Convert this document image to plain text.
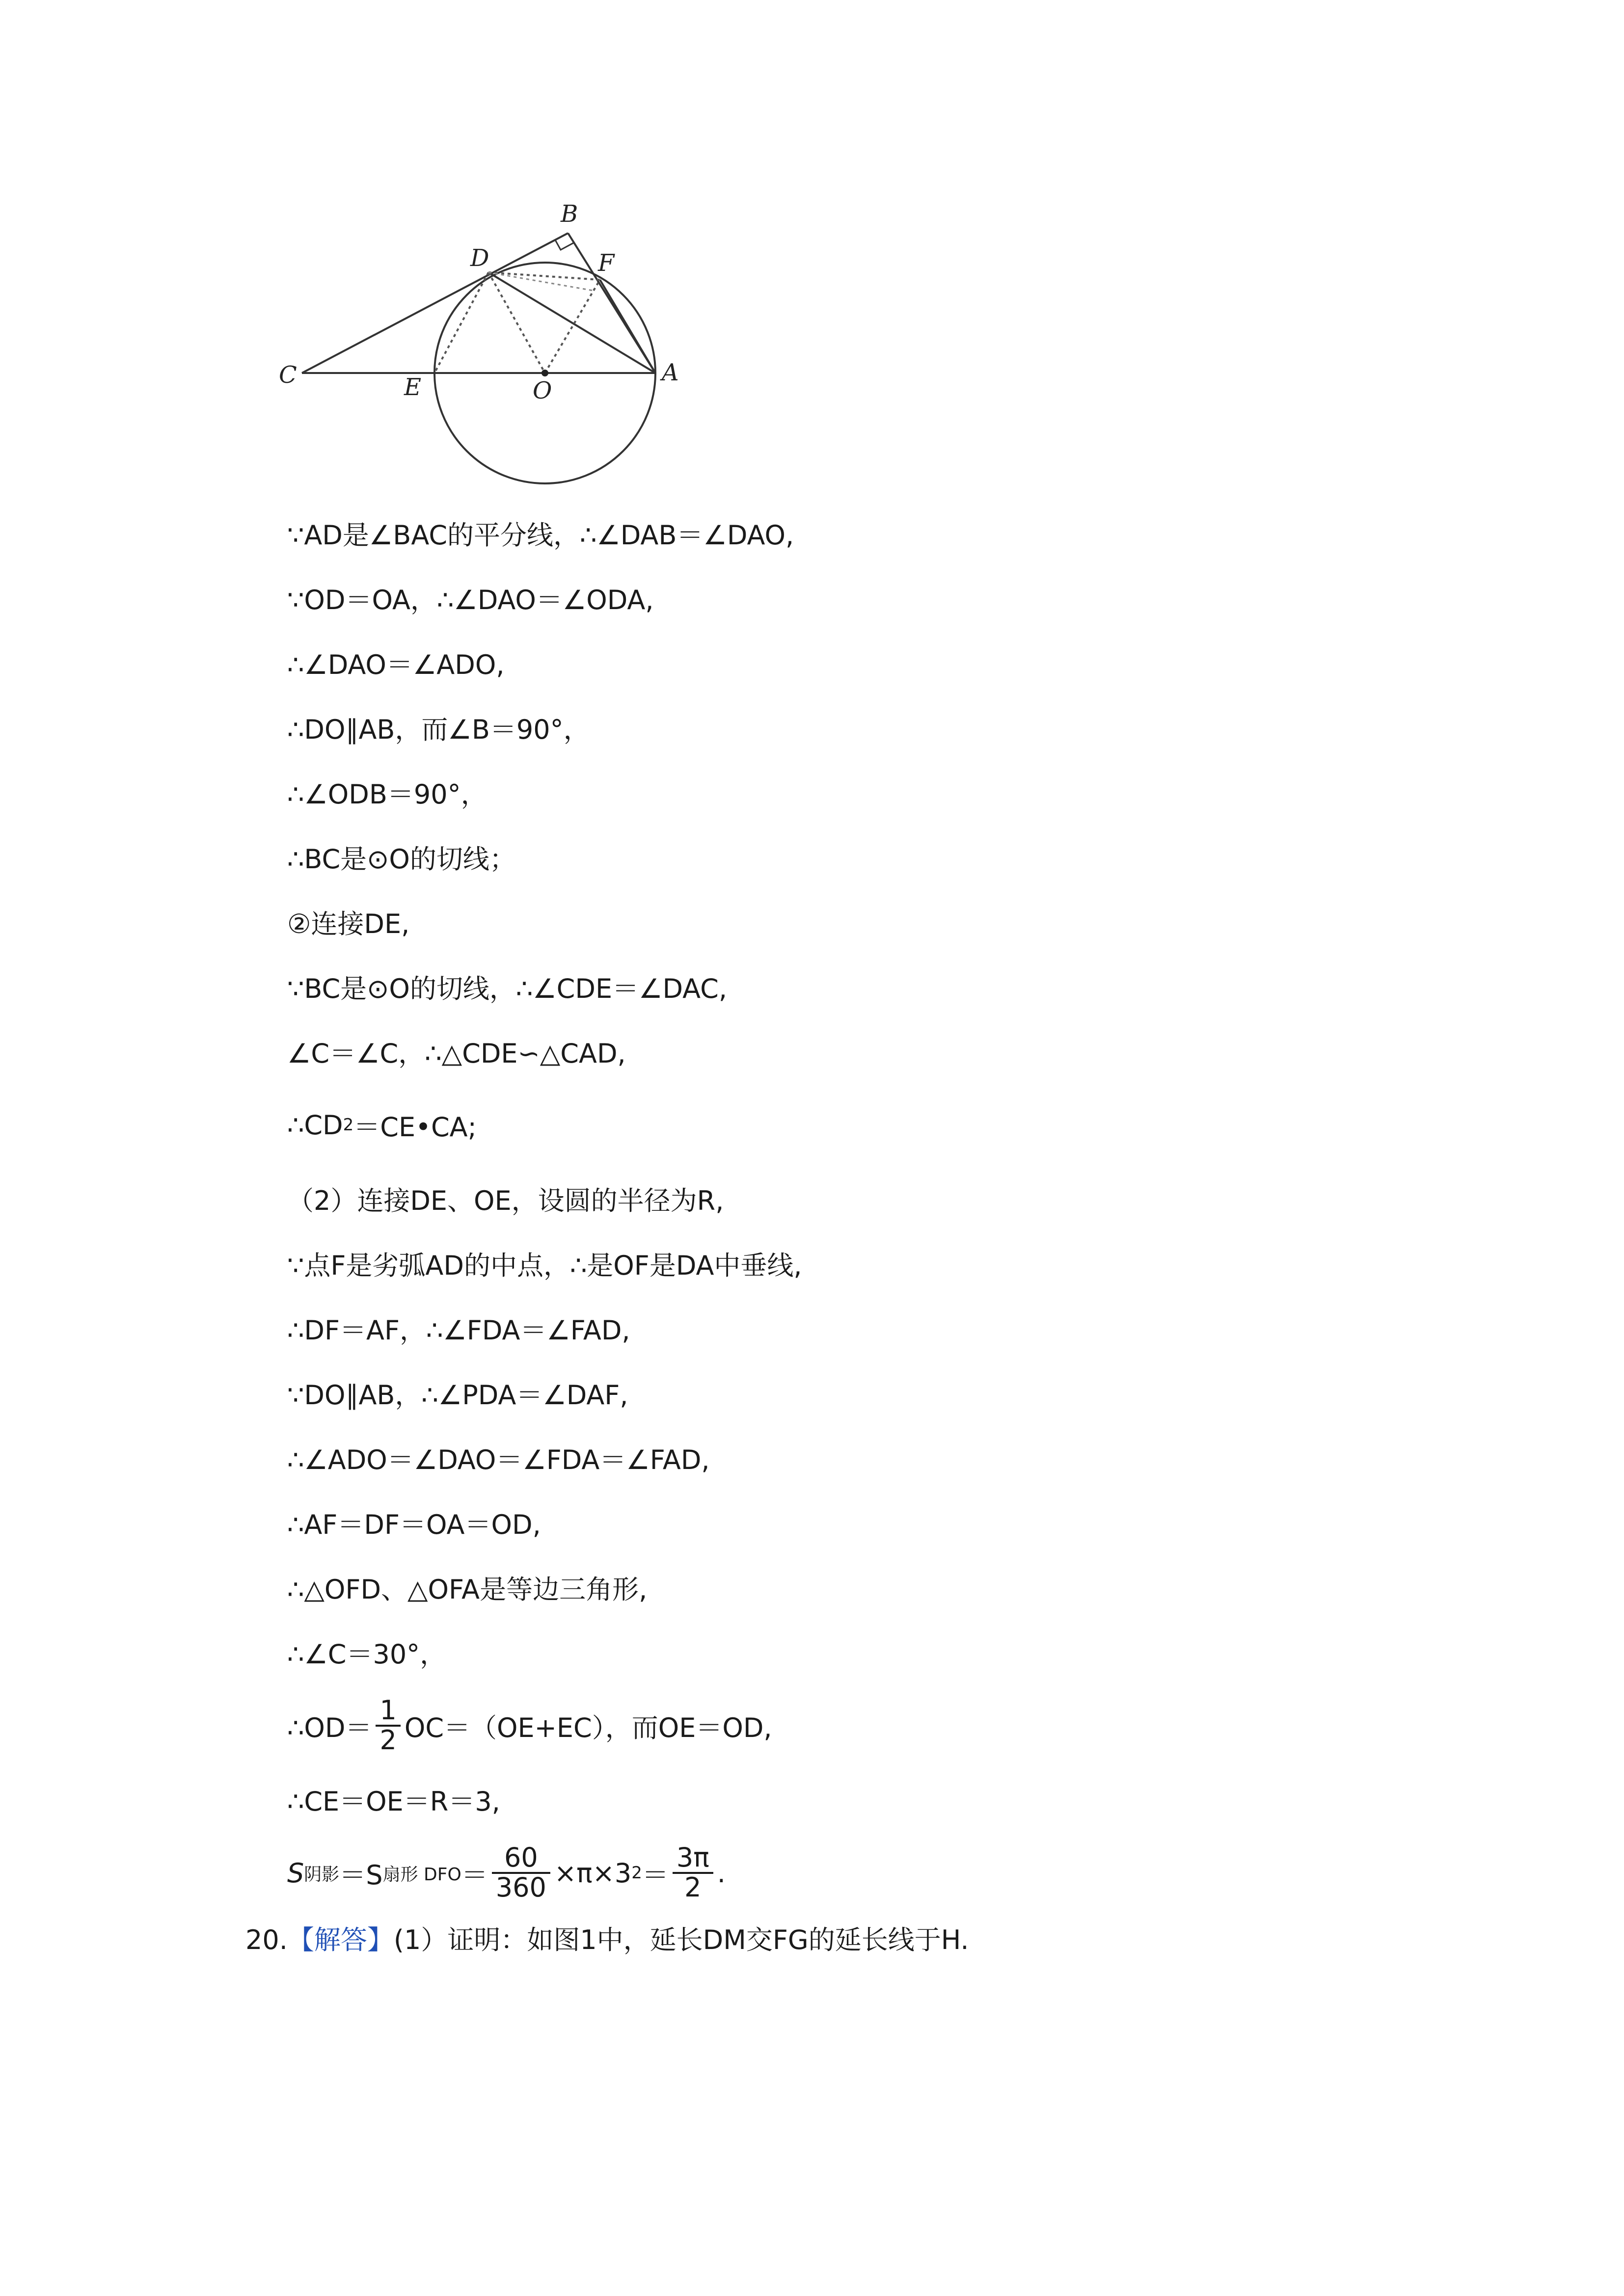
B
D	F
C	E	O
A
∵AD是∠BAC的平分线，∴∠DAB＝∠DAO,
∵OD＝OA，∴∠DAO＝∠ODA,
∴∠DAO＝∠ADO,
∴DO∥AB，而∠B＝90°，
∴∠ODB＝90°，
∴BC是⊙O的切线；
②连接DE,
∵BC是⊙O的切线，∴∠CDE＝∠DAC,
∠C＝∠C，∴△CDE∽△CAD,
∴CD 2 ＝CE•CA;
（2）连接DE、OE，设圆的半径为R,
∵点F是劣弧AD的中点，∴是OF是DA中垂线,
∴DF＝AF，∴∠FDA＝∠FAD,
∵DO∥AB，∴∠PDA＝∠DAF,
∴∠ADO＝∠DAO＝∠FDA＝∠FAD,
∴AF＝DF＝OA＝OD,
∴△OFD、△OFA是等边三角形,
∴∠C＝30°，
∴OD＝ $\frac{1}{2} OC=(OE+EC)$，而OE＝OD,
∴CE＝OE＝R＝3,
S 阴影 ＝S 扇形 DFO ＝ $\frac{60}{360} \times\pi\times 3$ $2 = \frac{3\pi}{2}$ .
20.【解答】(1）证明：如图1中，延长DM交FG的延长线于H.
